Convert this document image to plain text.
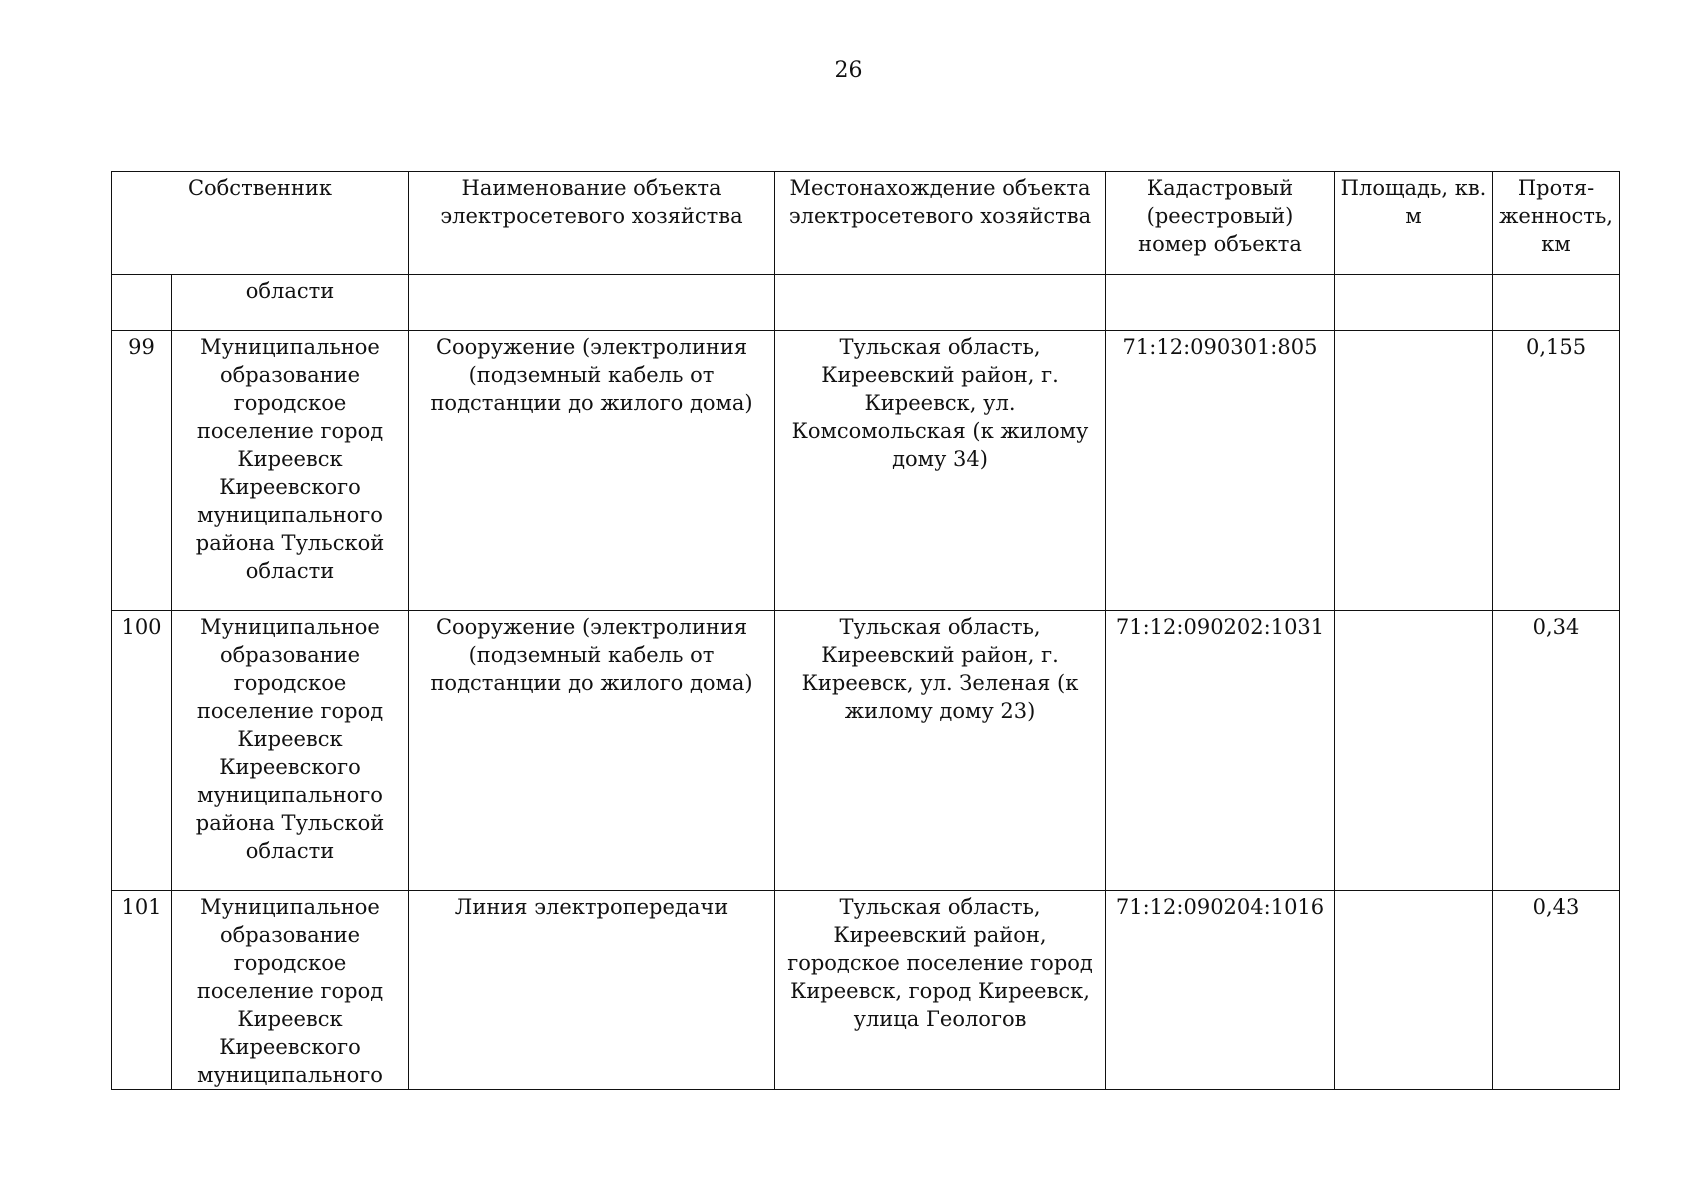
26
Собственник		Наименование объекта электросетевого хозяйства	Местонахождение объекта электросетевого хозяйства	Кадастровый (реестровый) номер объекта	Площадь, кв. м	Протя-женность, км
	области					
99	Муниципальное образование городское поселение город Киреевск Киреевского муниципального района Тульской области	Сооружение (электролиния (подземный кабель от подстанции до жилого дома)	Тульская область, Киреевский район, г. Киреевск, ул. Комсомольская (к жилому дому 34)	71:12:090301:805		0,155
100	Муниципальное образование городское поселение город Киреевск Киреевского муниципального района Тульской области	Сооружение (электролиния (подземный кабель от подстанции до жилого дома)	Тульская область, Киреевский район, г. Киреевск, ул. Зеленая (к жилому дому 23)	71:12:090202:1031		0,34
101	Муниципальное образование городское поселение город Киреевск Киреевского муниципального	Линия электропередачи	Тульская область, Киреевский район, городское поселение город Киреевск, город Киреевск, улица Геологов	71:12:090204:1016		0,43
